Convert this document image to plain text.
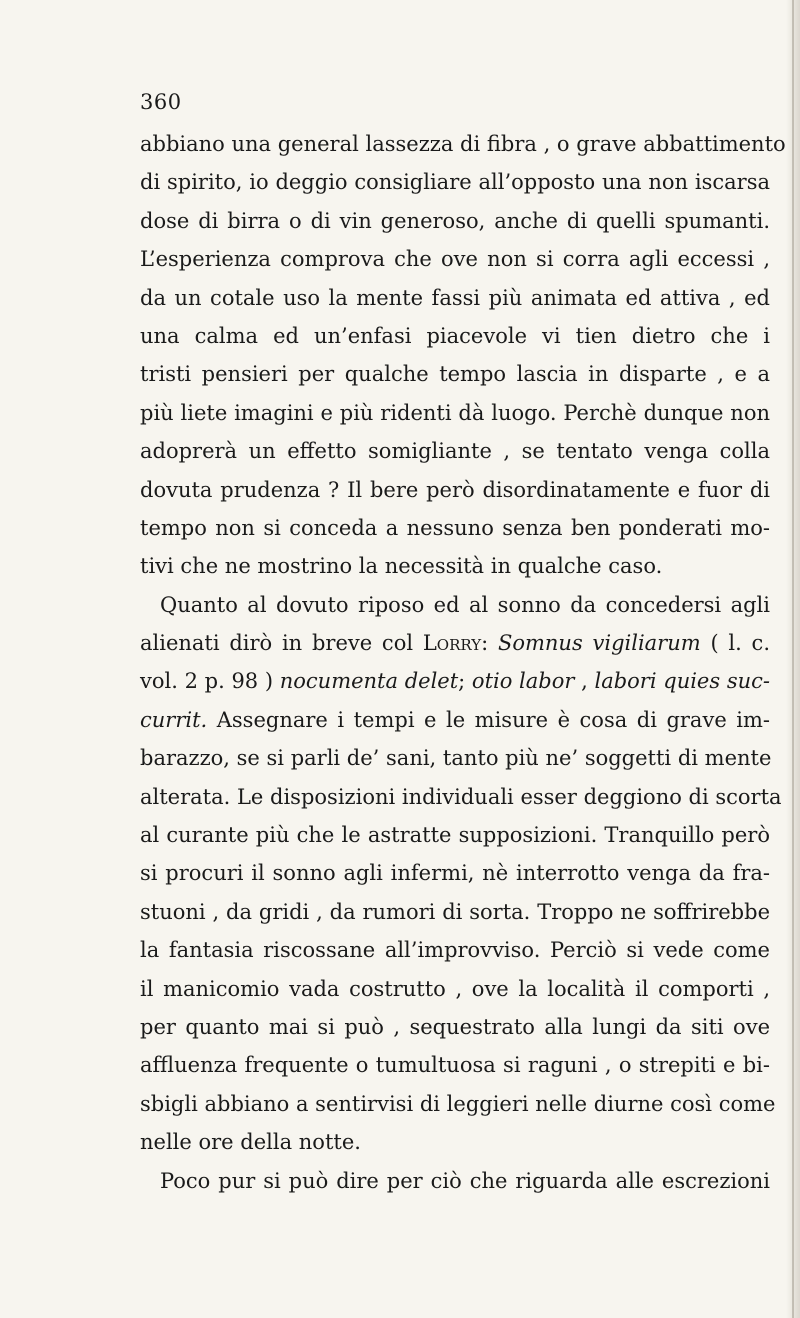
360
abbiano una general lassezza di fibra , o grave abbattimento
di spirito, io deggio consigliare all’opposto una non iscarsa
dose di birra o di vin generoso, anche di quelli spumanti.
L’esperienza comprova che ove non si corra agli eccessi ,
da un cotale uso la mente fassi più animata ed attiva , ed
una calma ed un’enfasi piacevole vi tien dietro che i
tristi pensieri per qualche tempo lascia in disparte , e a
più liete imagini e più ridenti dà luogo. Perchè dunque non
adoprerà un effetto somigliante , se tentato venga colla
dovuta prudenza ? Il bere però disordinatamente e fuor di
tempo non si conceda a nessuno senza ben ponderati mo-
tivi che ne mostrino la necessità in qualche caso.
Quanto al dovuto riposo ed al sonno da concedersi agli
alienati dirò in breve col Lorry: Somnus vigiliarum ( l. c.
vol. 2 p. 98 ) nocumenta delet; otio labor , labori quies suc-
currit. Assegnare i tempi e le misure è cosa di grave im-
barazzo, se si parli de’ sani, tanto più ne’ soggetti di mente
alterata. Le disposizioni individuali esser deggiono di scorta
al curante più che le astratte supposizioni. Tranquillo però
si procuri il sonno agli infermi, nè interrotto venga da fra-
stuoni , da gridi , da rumori di sorta. Troppo ne soffrirebbe
la fantasia riscossane all’improvviso. Perciò si vede come
il manicomio vada costrutto , ove la località il comporti ,
per quanto mai si può , sequestrato alla lungi da siti ove
affluenza frequente o tumultuosa si raguni , o strepiti e bi-
sbigli abbiano a sentirvisi di leggieri nelle diurne così come
nelle ore della notte.
Poco pur si può dire per ciò che riguarda alle escrezioni
